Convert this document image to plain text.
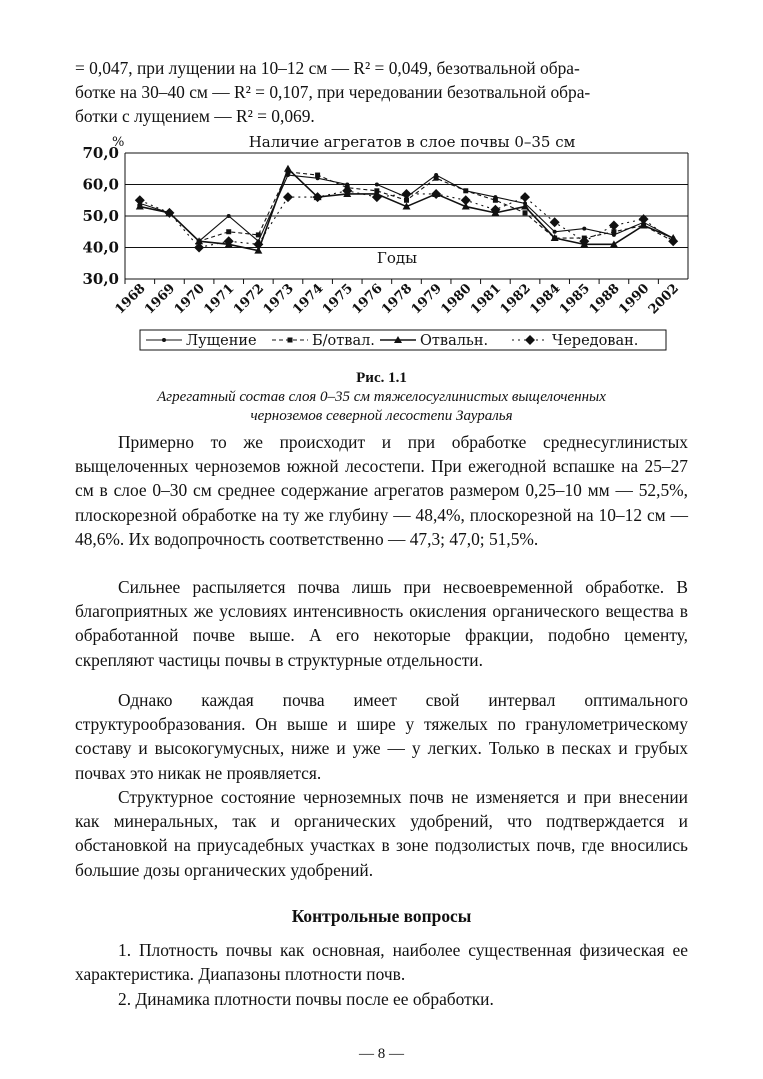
= 0,047, при лущении на 10–12 см — R² = 0,049, безотвальной обра-
ботке на 30–40 см — R² = 0,107, при чередовании безотвальной обра-
ботки с лущением — R² = 0,069.
Наличие агрегатов в слое почвы 0–35 см
%
30,0
40,0
50,0
60,0
70,0
1968
1969
1970
1971
1972
1973
1974
1975
1976
1978
1979
1980
1981
1982
1984
1985
1988
1990
2002
Годы
Лущение	Б/отвал.	Отвальн.	Чередован.
Рис. 1.1
Агрегатный состав слоя 0–35 см тяжелосуглинистых выщелоченных
черноземов северной лесостепи Зауралья
Примерно то же происходит и при обработке среднесуглинистых выщелоченных черноземов южной лесостепи. При ежегодной вспашке на 25–27 см в слое 0–30 см среднее содержание агрегатов размером 0,25–10 мм — 52,5%, плоскорезной обработке на ту же глубину — 48,4%, плоскорезной на 10–12 см — 48,6%. Их водопрочность соответственно — 47,3; 47,0; 51,5%.
Сильнее распыляется почва лишь при несвоевременной обработке. В благоприятных же условиях интенсивность окисления органического вещества в обработанной почве выше. А его некоторые фракции, подобно цементу, скрепляют частицы почвы в структурные отдельности.
Однако каждая почва имеет свой интервал оптимального структурообразования. Он выше и шире у тяжелых по гранулометрическому составу и высокогумусных, ниже и уже — у легких. Только в песках и грубых почвах это никак не проявляется.
Структурное состояние черноземных почв не изменяется и при внесении как минеральных, так и органических удобрений, что подтверждается и обстановкой на приусадебных участках в зоне подзолистых почв, где вносились большие дозы органических удобрений.
Контрольные вопросы
1. Плотность почвы как основная, наиболее существенная физическая ее характеристика. Диапазоны плотности почв.
2. Динамика плотности почвы после ее обработки.
— 8 —
